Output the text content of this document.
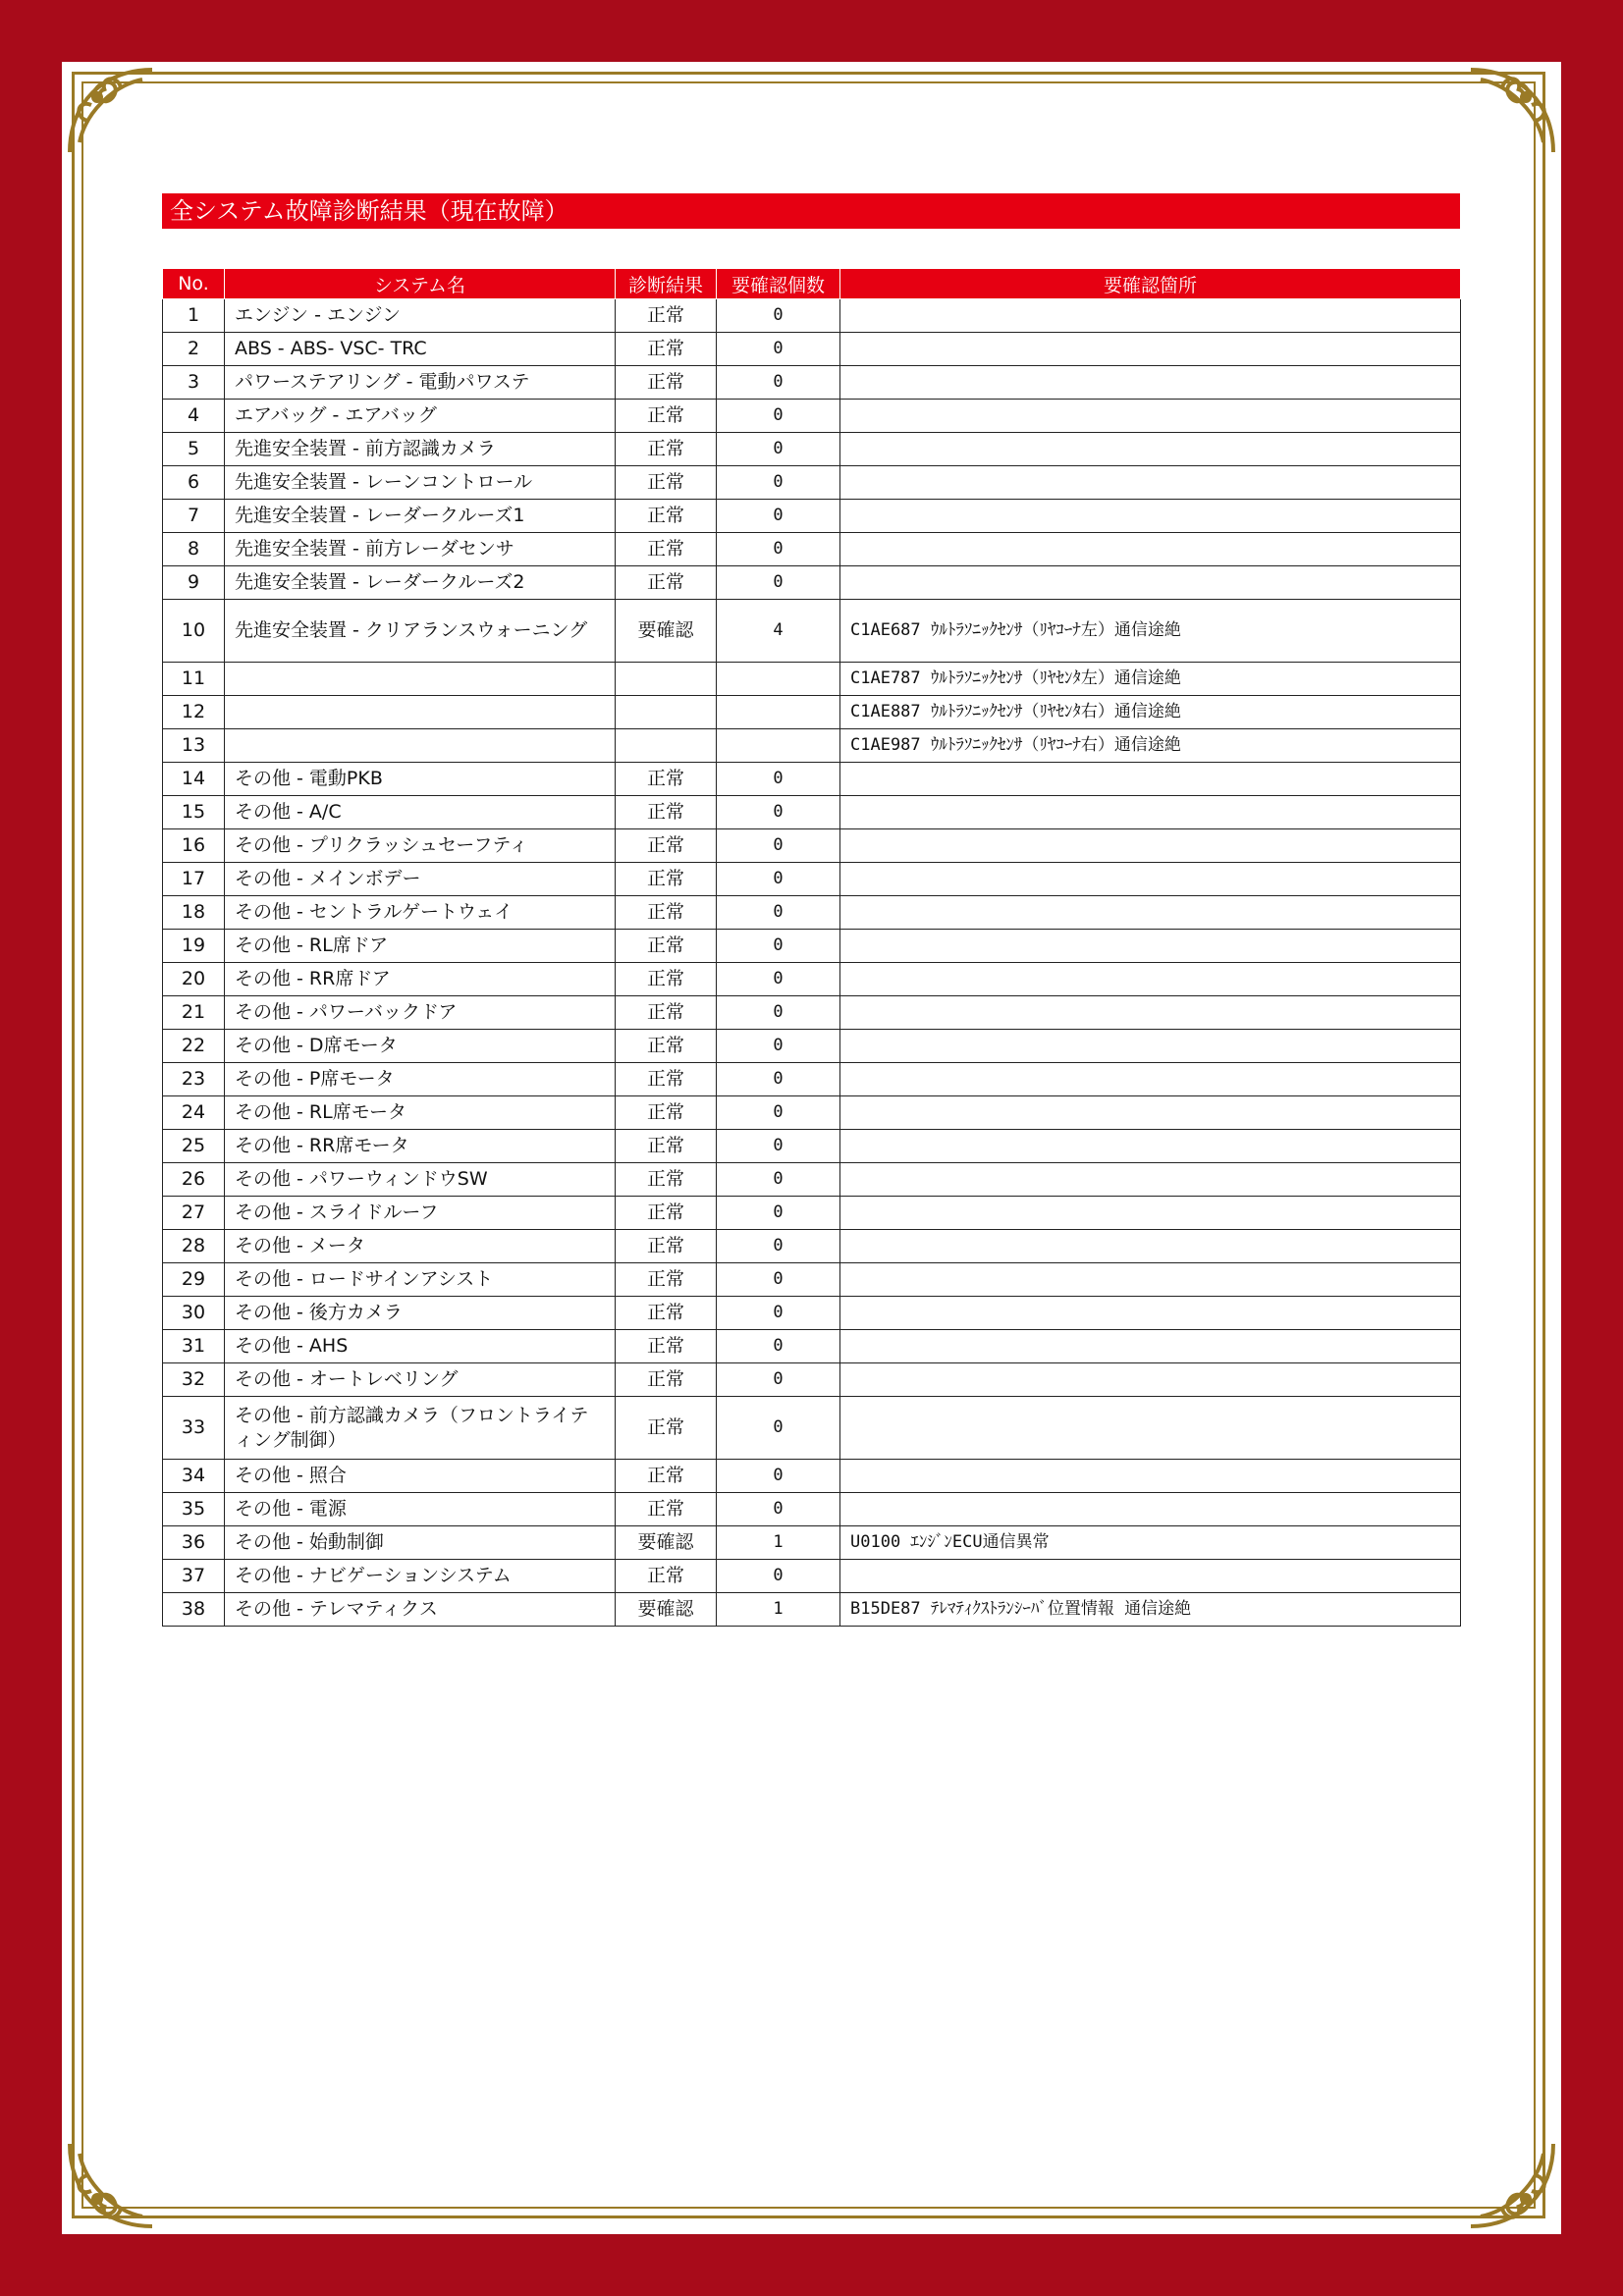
全システム故障診断結果（現在故障）
No.	システム名	診断結果	要確認個数	要確認箇所
1	エンジン - エンジン	正常	0	
2	ABS - ABS- VSC- TRC	正常	0	
3	パワーステアリング - 電動パワステ	正常	0	
4	エアバッグ - エアバッグ	正常	0	
5	先進安全装置 - 前方認識カメラ	正常	0	
6	先進安全装置 - レーンコントロール	正常	0	
7	先進安全装置 - レーダークルーズ1	正常	0	
8	先進安全装置 - 前方レーダセンサ	正常	0	
9	先進安全装置 - レーダークルーズ2	正常	0	
10	先進安全装置 - クリアランスウォーニング	要確認	4	C1AE687 ｳﾙﾄﾗｿﾆｯｸｾﾝｻ（ﾘﾔｺｰﾅ左）通信途絶
11				C1AE787 ｳﾙﾄﾗｿﾆｯｸｾﾝｻ（ﾘﾔｾﾝﾀ左）通信途絶
12				C1AE887 ｳﾙﾄﾗｿﾆｯｸｾﾝｻ（ﾘﾔｾﾝﾀ右）通信途絶
13				C1AE987 ｳﾙﾄﾗｿﾆｯｸｾﾝｻ（ﾘﾔｺｰﾅ右）通信途絶
14	その他 - 電動PKB	正常	0	
15	その他 - A/C	正常	0	
16	その他 - プリクラッシュセーフティ	正常	0	
17	その他 - メインボデー	正常	0	
18	その他 - セントラルゲートウェイ	正常	0	
19	その他 - RL席ドア	正常	0	
20	その他 - RR席ドア	正常	0	
21	その他 - パワーバックドア	正常	0	
22	その他 - D席モータ	正常	0	
23	その他 - P席モータ	正常	0	
24	その他 - RL席モータ	正常	0	
25	その他 - RR席モータ	正常	0	
26	その他 - パワーウィンドウSW	正常	0	
27	その他 - スライドルーフ	正常	0	
28	その他 - メータ	正常	0	
29	その他 - ロードサインアシスト	正常	0	
30	その他 - 後方カメラ	正常	0	
31	その他 - AHS	正常	0	
32	その他 - オートレベリング	正常	0	
33	その他 - 前方認識カメラ（フロントライティング制御）	正常	0	
34	その他 - 照合	正常	0	
35	その他 - 電源	正常	0	
36	その他 - 始動制御	要確認	1	U0100 ｴﾝｼﾞﾝECU通信異常
37	その他 - ナビゲーションシステム	正常	0	
38	その他 - テレマティクス	要確認	1	B15DE87 ﾃﾚﾏﾃｨｸｽﾄﾗﾝｼｰﾊﾞ位置情報 通信途絶
